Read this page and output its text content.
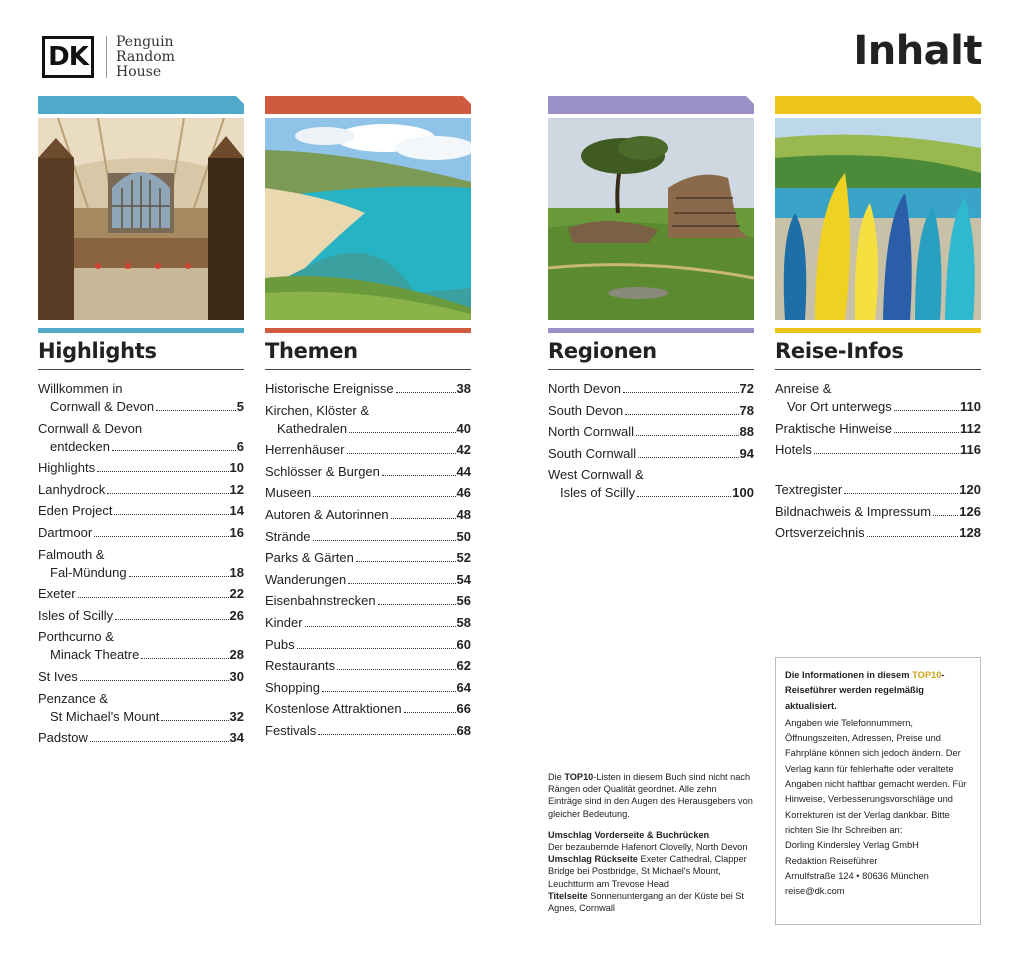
DK	Penguin
Random
House	Inhalt
Highlights
Willkommen in
Cornwall & Devon	5
Cornwall & Devon
entdecken	6
Highlights	10
Lanhydrock	12
Eden Project	14
Dartmoor	16
Falmouth &
Fal-Mündung	18
Exeter	22
Isles of Scilly	26
Porthcurno &
Minack Theatre	28
St Ives	30
Penzance &
St Michael's Mount	32
Padstow	34
Themen
Historische Ereignisse	38
Kirchen, Klöster &
Kathedralen	40
Herrenhäuser	42
Schlösser & Burgen	44
Museen	46
Autoren & Autorinnen	48
Strände	50
Parks & Gärten	52
Wanderungen	54
Eisenbahnstrecken	56
Kinder	58
Pubs	60
Restaurants	62
Shopping	64
Kostenlose Attraktionen	66
Festivals	68
Regionen
North Devon	72
South Devon	78
North Cornwall	88
South Cornwall	94
West Cornwall &
Isles of Scilly	100
Reise-Infos
Anreise &
Vor Ort unterwegs	110
Praktische Hinweise	112
Hotels	116
Textregister	120
Bildnachweis & Impressum 126
Ortsverzeichnis	128

Die TOP10-Listen in diesem Buch sind nicht nach Rängen oder Qualität geordnet. Alle zehn Einträge sind in den Augen des Herausgebers von gleicher Bedeutung.

Umschlag Vorderseite & Buchrücken
Der bezaubernde Hafenort Clovelly, North Devon
Umschlag Rückseite Exeter Cathedral, Clapper Bridge bei Postbridge, St Michael's Mount, Leuchtturm am Trevose Head
Titelseite Sonnenuntergang an der Küste bei St Agnes, Cornwall
Die Informationen in diesem TOP10-Reiseführer werden regelmäßig aktualisiert.
Angaben wie Telefonnummern, Öffnungszeiten, Adressen, Preise und Fahrpläne können sich jedoch ändern. Der Verlag kann für fehlerhafte oder veraltete Angaben nicht haftbar gemacht werden. Für Hinweise, Verbesserungsvorschläge und Korrekturen ist der Verlag dankbar. Bitte richten Sie Ihr Schreiben an:
Dorling Kindersley Verlag GmbH
Redaktion Reiseführer
Arnulfstraße 124 • 80636 München
reise@dk.com
